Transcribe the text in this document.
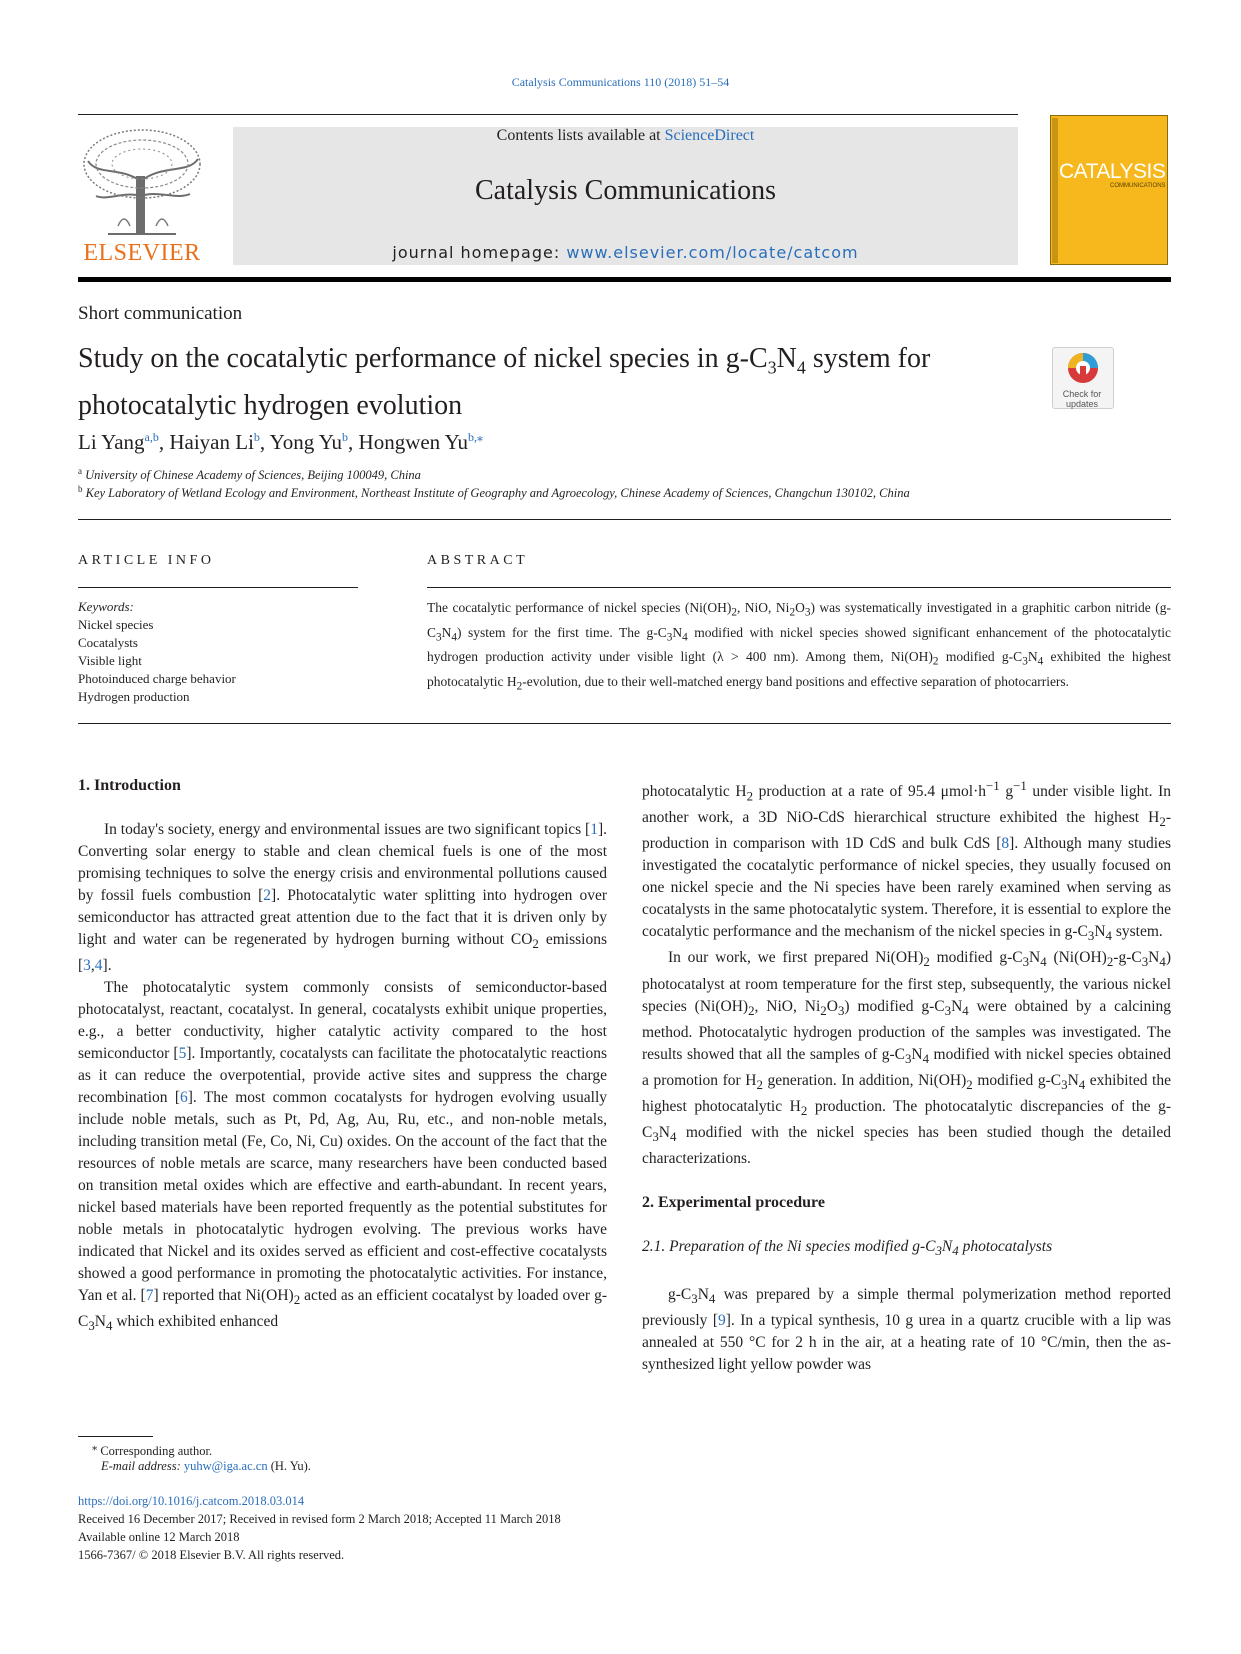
Catalysis Communications 110 (2018) 51–54
ELSEVIER
Contents lists available at ScienceDirect
Catalysis Communications
journal homepage: www.elsevier.com/locate/catcom
CATALYSIS
COMMUNICATIONS
Short communication
Study on the cocatalytic performance of nickel species in $g-C_3N_4$ system for
photocatalytic hydrogen evolution	Check for updates
Li Yang$^{a,b}$, Haiyan Li$^b$, Yong Yu$^b$, Hongwen $Yu^{b,⁎}$
$^a$ University of Chinese Academy of Sciences, Beijing 100049, China
$^b$ Key Laboratory of Wetland Ecology and Environment, Northeast Institute of Geography and Agroecology, Chinese Academy of Sciences, Changchun 130102, China
ARTICLE INFO
Keywords:
Nickel species
Cocatalysts
Visible light
Photoinduced charge behavior
Hydrogen production
ABSTRACT
The cocatalytic performance of nickel species ($Ni(OH)_2$, NiO, $Ni_2O_3$) was systematically investigated in a graphitic carbon nitride $(g-C_3N_4)$ system for the first time. The $g-C_3N_4$ modified with nickel species showed significant enhancement of the photocatalytic hydrogen production activity under visible light (λ > 400 nm). Among them, $Ni(OH)_2$ modified $g-C_3N_4$ exhibited the highest photocatalytic $H_2$-evolution, due to their well-matched energy band positions and effective separation of photocarriers.

1. Introduction

In today's society, energy and environmental issues are two significant topics [1]. Converting solar energy to stable and clean chemical fuels is one of the most promising techniques to solve the energy crisis and environmental pollutions caused by fossil fuels combustion [2]. Photocatalytic water splitting into hydrogen over semiconductor has attracted great attention due to the fact that it is driven only by light and water can be regenerated by hydrogen burning without $CO_2$ emissions [3,4].

The photocatalytic system commonly consists of semiconductor-based photocatalyst, reactant, cocatalyst. In general, cocatalysts exhibit unique properties, e.g., a better conductivity, higher catalytic activity compared to the host semiconductor [5]. Importantly, cocatalysts can facilitate the photocatalytic reactions as it can reduce the overpotential, provide active sites and suppress the charge recombination [6]. The most common cocatalysts for hydrogen evolving usually include noble metals, such as Pt, Pd, Ag, Au, Ru, etc., and non-noble metals, including transition metal (Fe, Co, Ni, Cu) oxides. On the account of the fact that the resources of noble metals are scarce, many researchers have been conducted based on transition metal oxides which are effective and earth-abundant. In recent years, nickel based materials have been reported frequently as the potential substitutes for noble metals in photocatalytic hydrogen evolving. The previous works have indicated that Nickel and its oxides served as efficient and cost-effective cocatalysts showed a good performance in promoting the photocatalytic activities. For instance, Yan et al. [7] reported that $Ni(OH)_2$ acted as an efficient cocatalyst by loaded over $g-C_3N_4$ which exhibited enhanced

photocatalytic $H_2$ production at a rate of 95.4 $\mu mol\cdot h^{-1}$ $g^{-1}$ under visible light. In another work, a 3D NiO-CdS hierarchical structure exhibited the highest $H_2$-production in comparison with 1D CdS and bulk CdS [8]. Although many studies investigated the cocatalytic performance of nickel species, they usually focused on one nickel specie and the Ni species have been rarely examined when serving as cocatalysts in the same photocatalytic system. Therefore, it is essential to explore the cocatalytic performance and the mechanism of the nickel species in $g-C_3N_4$ system.

In our work, we first prepared $Ni(OH)_2$ modified $g-C_3N_4$ $(Ni(OH)_2-g-C_3N_4)$ photocatalyst at room temperature for the first step, subsequently, the various nickel species ($Ni(OH)_2$, NiO, $Ni_2O_3$) modified $g-C_3N_4$ were obtained by a calcining method. Photocatalytic hydrogen production of the samples was investigated. The results showed that all the samples of $g-C_3N_4$ modified with nickel species obtained a promotion for $H_2$ generation. In addition, $Ni(OH)_2$ modified $g-C_3N_4$ exhibited the highest photocatalytic $H_2$ production. The photocatalytic discrepancies of the $g-C_3N_4$ modified with the nickel species has been studied though the detailed characterizations.

2. Experimental procedure

2.1. Preparation of the Ni species modified $g-C_3N_4$ photocatalysts

$g-C_3N_4$ was prepared by a simple thermal polymerization method reported previously [9]. In a typical synthesis, 10 g urea in a quartz crucible with a lip was annealed at 550 °C for 2 h in the air, at a heating rate of 10 °C/min, then the as-synthesized light yellow powder was

⁎ Corresponding author.
E-mail address: yuhw@iga.ac.cn (H. Yu).
https://doi.org/10.1016/j.catcom.2018.03.014
Received 16 December 2017; Received in revised form 2 March 2018; Accepted 11 March 2018
Available online 12 March 2018
1566-7367/ © 2018 Elsevier B.V. All rights reserved.
